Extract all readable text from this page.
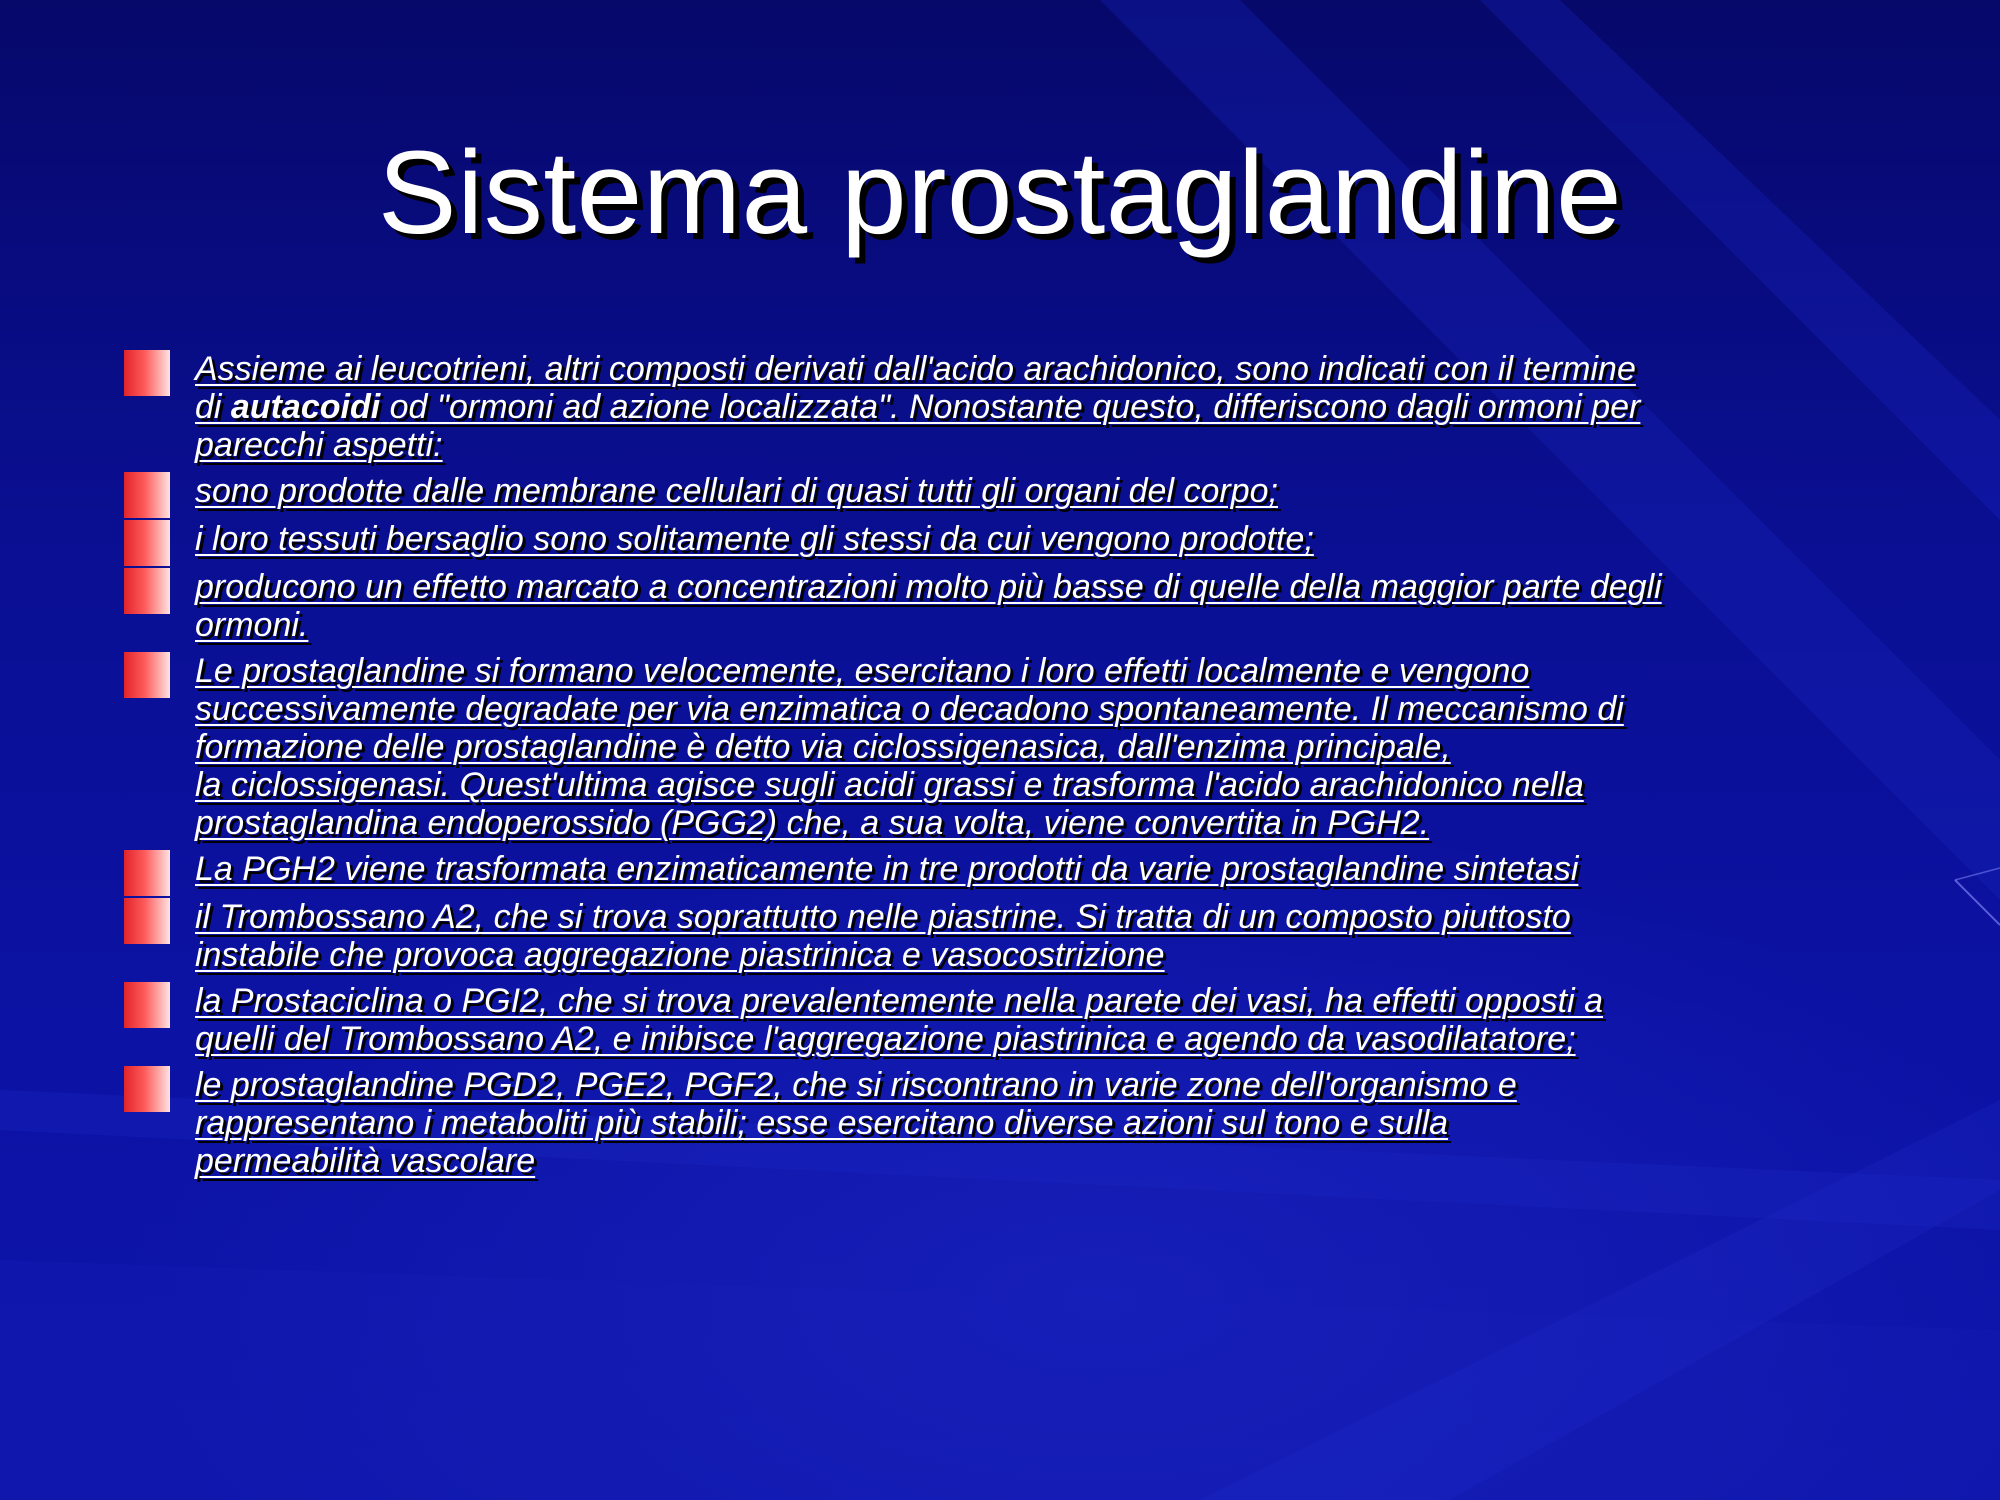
Sistema prostaglandine
Assieme ai leucotrieni, altri composti derivati dall'acido arachidonico, sono indicati con il termine
di autacoidi od "ormoni ad azione localizzata". Nonostante questo, differiscono dagli ormoni per
parecchi aspetti:
sono prodotte dalle membrane cellulari di quasi tutti gli organi del corpo;
i loro tessuti bersaglio sono solitamente gli stessi da cui vengono prodotte;
producono un effetto marcato a concentrazioni molto più basse di quelle della maggior parte degli
ormoni.
Le prostaglandine si formano velocemente, esercitano i loro effetti localmente e vengono
successivamente degradate per via enzimatica o decadono spontaneamente. Il meccanismo di
formazione delle prostaglandine è detto via ciclossigenasica, dall'enzima principale,
la ciclossigenasi. Quest'ultima agisce sugli acidi grassi e trasforma l'acido arachidonico nella
prostaglandina endoperossido (PGG2) che, a sua volta, viene convertita in PGH2.
La PGH2 viene trasformata enzimaticamente in tre prodotti da varie prostaglandine sintetasi
il Trombossano A2, che si trova soprattutto nelle piastrine. Si tratta di un composto piuttosto
instabile che provoca aggregazione piastrinica e vasocostrizione
la Prostaciclina o PGI2, che si trova prevalentemente nella parete dei vasi, ha effetti opposti a
quelli del Trombossano A2, e inibisce l'aggregazione piastrinica e agendo da vasodilatatore;
le prostaglandine PGD2, PGE2, PGF2, che si riscontrano in varie zone dell'organismo e
rappresentano i metaboliti più stabili; esse esercitano diverse azioni sul tono e sulla
permeabilità vascolare
